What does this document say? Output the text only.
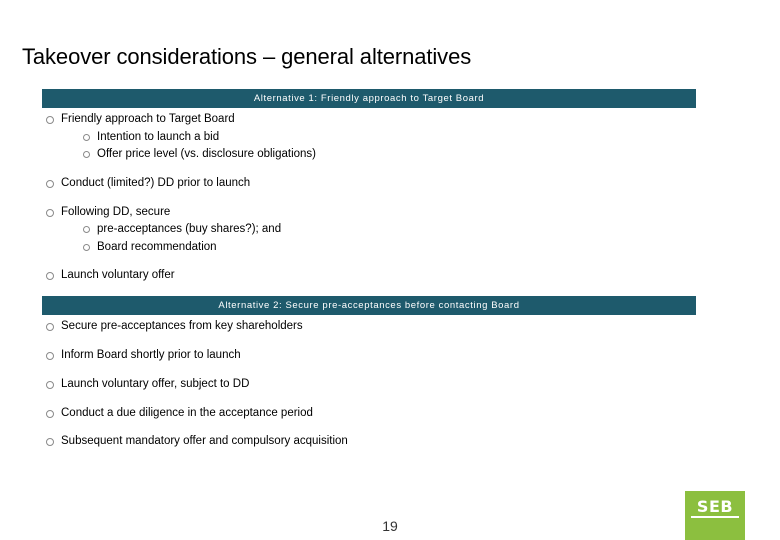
Takeover considerations – general alternatives
Alternative 1: Friendly approach to Target Board
Friendly approach to Target Board
Intention to launch a bid
Offer price level (vs. disclosure obligations)
Conduct (limited?) DD prior to launch
Following DD, secure
pre-acceptances (buy shares?); and
Board recommendation
Launch voluntary offer
Alternative 2: Secure pre-acceptances before contacting Board
Secure pre-acceptances from key shareholders
Inform Board shortly prior to launch
Launch voluntary offer, subject to DD
Conduct a due diligence in the acceptance period
Subsequent mandatory offer and compulsory acquisition
SEB
19
